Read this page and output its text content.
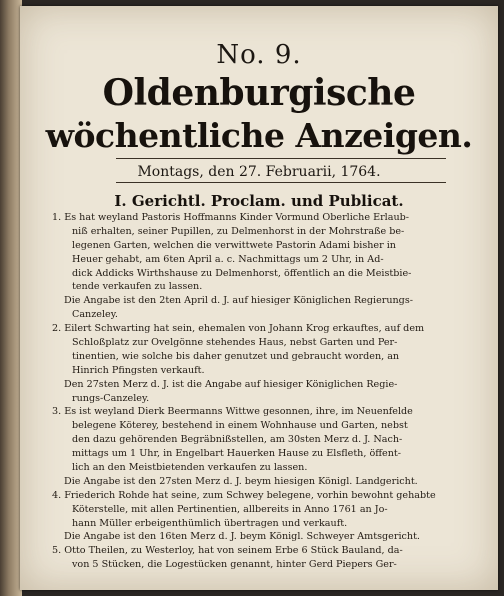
No. 9.
Oldenburgische
wöchentliche Anzeigen.
Montags, den 27. Februarii, 1764.
I. Gerichtl. Proclam. und Publicat.
1. Es hat weyland Pastoris Hoffmanns Kinder Vormund Oberliche Erlaub-
niß erhalten, seiner Pupillen, zu Delmenhorst in der Mohrstraße be-
legenen Garten, welchen die verwittwete Pastorin Adami bisher in
Heuer gehabt, am 6ten April a. c. Nachmittags um 2 Uhr, in Ad-
dick Addicks Wirthshause zu Delmenhorst, öffentlich an die Meistbie-
tende verkaufen zu lassen.
Die Angabe ist den 2ten April d. J. auf hiesiger Königlichen Regierungs-
Canzeley.
2. Eilert Schwarting hat sein, ehemalen von Johann Krog erkauftes, auf dem
Schloßplatz zur Ovelgönne stehendes Haus, nebst Garten und Per-
tinentien, wie solche bis daher genutzet und gebraucht worden, an
Hinrich Pfingsten verkauft.
Den 27sten Merz d. J. ist die Angabe auf hiesiger Königlichen Regie-
rungs-Canzeley.
3. Es ist weyland Dierk Beermanns Wittwe gesonnen, ihre, im Neuenfelde
belegene Köterey, bestehend in einem Wohnhause und Garten, nebst
den dazu gehörenden Begräbnißstellen, am 30sten Merz d. J. Nach-
mittags um 1 Uhr, in Engelbart Hauerken Hause zu Elsfleth, öffent-
lich an den Meistbietenden verkaufen zu lassen.
Die Angabe ist den 27sten Merz d. J. beym hiesigen Königl. Landgericht.
4. Friederich Rohde hat seine, zum Schwey belegene, vorhin bewohnt gehabte
Köterstelle, mit allen Pertinentien, allbereits in Anno 1761 an Jo-
hann Müller erbeigenthümlich übertragen und verkauft.
Die Angabe ist den 16ten Merz d. J. beym Königl. Schweyer Amtsgericht.
5. Otto Theilen, zu Westerloy, hat von seinem Erbe 6 Stück Bauland, da-
von 5 Stücken, die Logestücken genannt, hinter Gerd Piepers Ger-
